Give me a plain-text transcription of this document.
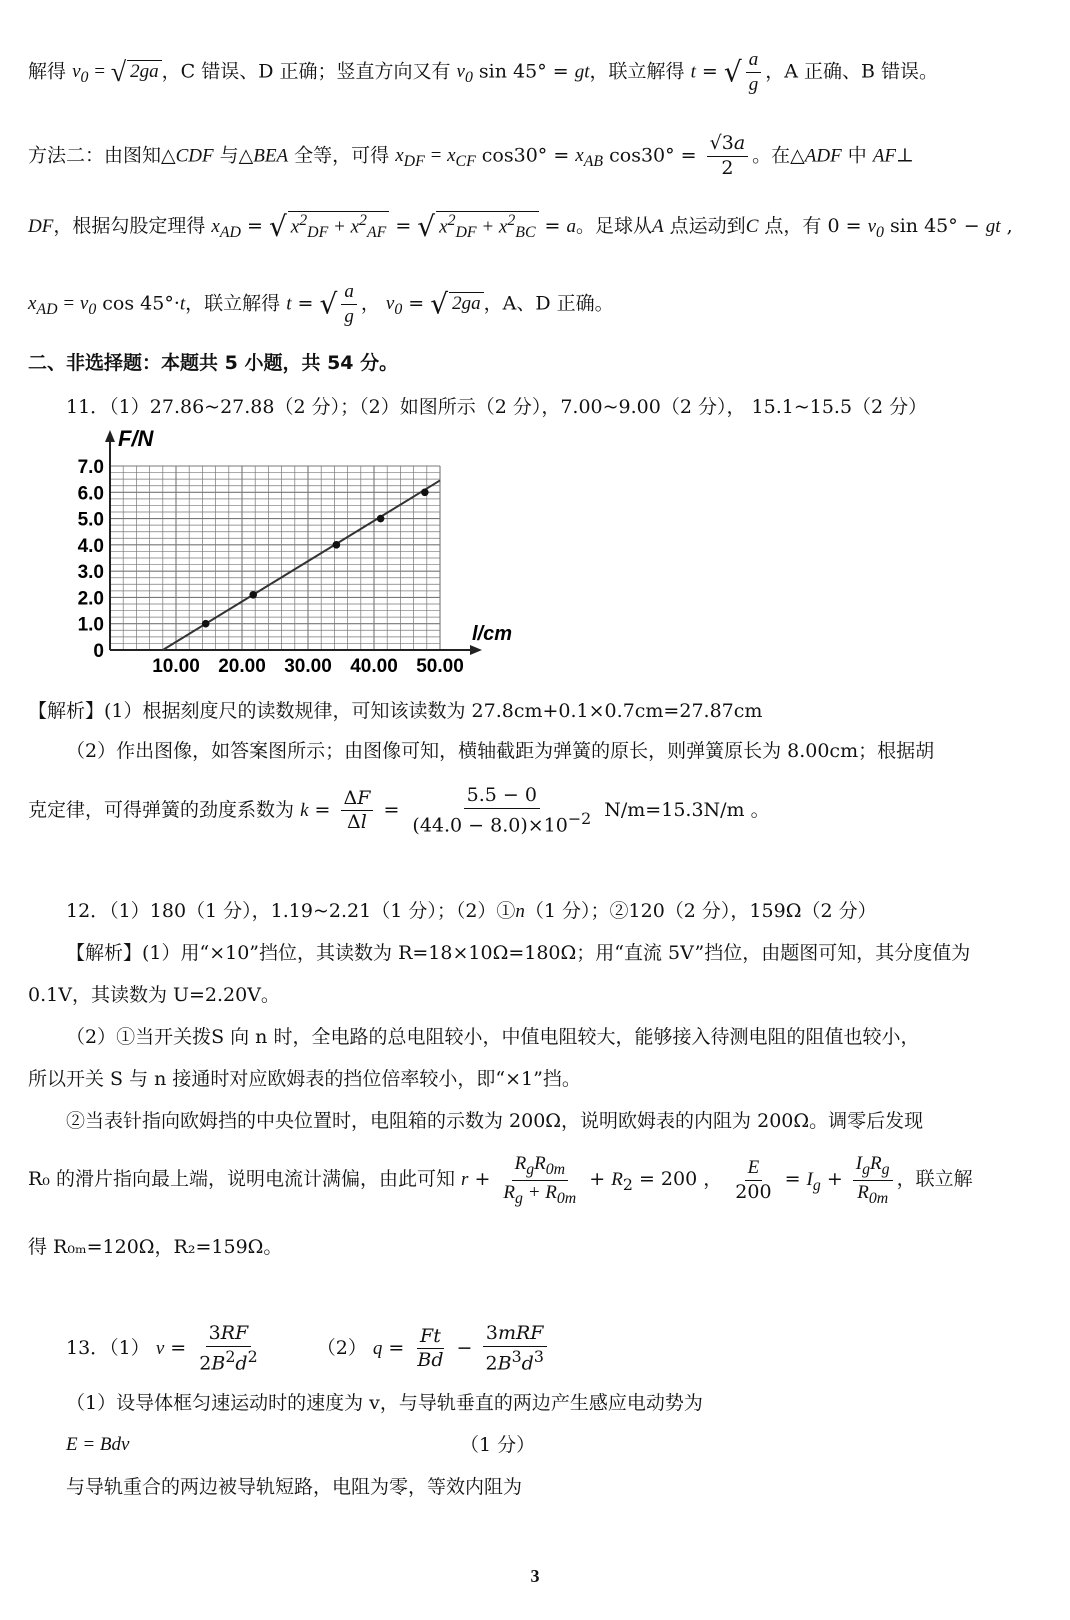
解得 $v_0$ = √ 2ga ，C 错误、D 正确；竖直方向又有 $v_0$ sin 45° = gt，联立解得 t = √ $\frac{a}{g}$ ，A 正确、B 错误。
方法二：由图知△CDF 与△BEA 全等，可得 $x_{DF} = x_{CF}$ $\cos 30^\circ = x_{AB}$ $\cos 30^\circ = \frac{√3a}{2}$ 。在△ADF 中 AF⊥
DF，根据勾股定理得 $x_{AD}$ = √ $x^2_{DF} + x^2_{AF}$ = √ $x^2_{DF} + x^2_{BC} = a$。足球从A 点运动到C 点，有 $0 = v_0$ sin 45° − gt ,
$x_{AD} = v_0$ cos 45°·t，联立解得 t = √ $\frac{a}{g}$ ， $v_0$ = √ 2ga ，A、D 正确。
二、非选择题：本题共 5 小题，共 54 分。
11．（1）27.86~27.88（2 分）；（2）如图所示（2 分），7.00~9.00（2 分）， 15.1~15.5（2 分）
0
1.0
2.0
3.0
4.0
5.0
6.0
7.0
10.00 20.00 30.00 40.00 50.00
F/N
l/cm
【解析】(1）根据刻度尺的读数规律，可知该读数为 27.8cm+0.1×0.7cm=27.87cm
（2）作出图像，如答案图所示；由图像可知，横轴截距为弹簧的原长，则弹簧原长为 8.00cm；根据胡
克定律，可得弹簧的劲度系数为 $k = \frac{\Delta F}{\Delta l} = \frac{5.5 - 0}{(44.0 - 8.0)\times 10^{-2}} N/m=15.3N/m$ 。
12．（1）180（1 分），1.19~2.21（1 分）；（2）①n（1 分）；②120（2 分），159Ω（2 分）
【解析】(1）用“×10”挡位，其读数为 R=18×10Ω=180Ω；用“直流 5V”挡位，由题图可知，其分度值为
0.1V，其读数为 U=2.20V。
（2）①当开关拨S 向 n 时，全电路的总电阻较小，中值电阻较大，能够接入待测电阻的阻值也较小，
所以开关 S 与 n 接通时对应欧姆表的挡位倍率较小，即“×1”挡。
②当表针指向欧姆挡的中央位置时，电阻箱的示数为 200Ω，说明欧姆表的内阻为 200Ω。调零后发现
R₀ 的滑片指向最上端，说明电流计满偏，由此可知 $r + \frac{R_gR_{0m}}{R_g + R_{0m}} + R_2 = 200$ ， $\frac{E}{200} = I_g + \frac{I_gR_g}{R_{0m}}$ ，联立解
得 R₀ₘ=120Ω，R₂=159Ω。
13．（1） $v = \frac{3RF}{2B^2d^2}$	（2） $q = \frac{Ft}{Bd} - \frac{\text{3mRF}}{2B^3d^3}$
（1）设导体框匀速运动时的速度为 v，与导轨垂直的两边产生感应电动势为
E = Bdv	（1 分）
与导轨重合的两边被导轨短路，电阻为零，等效内阻为
3
